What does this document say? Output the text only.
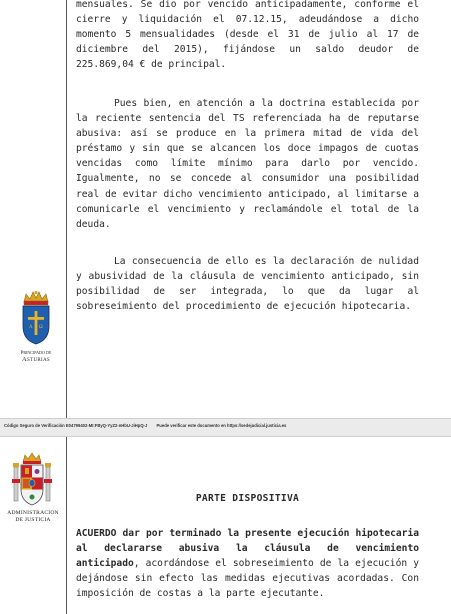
mensuales. Se dio por vencido anticipadamente, conforme el cierre y liquidación el 07.12.15, adeudándose a dicho momento 5 mensualidades (desde el 31 de julio al 17 de diciembre del 2015), fijándose un saldo deudor de 225.869,04 € de principal.

Pues bien, en atención a la doctrina establecida por la reciente sentencia del TS referenciada ha de reputarse abusiva: así se produce en la primera mitad de vida del préstamo y sin que se alcancen los doce impagos de cuotas vencidas como límite mínimo para darlo por vencido. Igualmente, no se concede al consumidor una posibilidad real de evitar dicho vencimiento anticipado, al limitarse a comunicarle el vencimiento y reclamándole el total de la deuda.

La consecuencia de ello es la declaración de nulidad y abusividad de la cláusula de vencimiento anticipado, sin posibilidad de ser integrada, lo que da lugar al sobreseimiento del procedimiento de ejecución hipotecaria.

A Ω
Principado de
Asturias
Código Seguro de Verificación E04799402-MI:FByQ-YyZ2-nHbU-JiHpQ-J Puede verificar este documento en https://sedejudicial.justicia.es
ADMINISTRACION
DE JUSTICIA
PARTE DISPOSITIVA

ACUERDO dar por terminado la presente ejecución hipotecaria al declararse abusiva la cláusula de vencimiento anticipado, acordándose el sobreseimiento de la ejecución y dejándose sin efecto las medidas ejecutivas acordadas. Con imposición de costas a la parte ejecutante.
